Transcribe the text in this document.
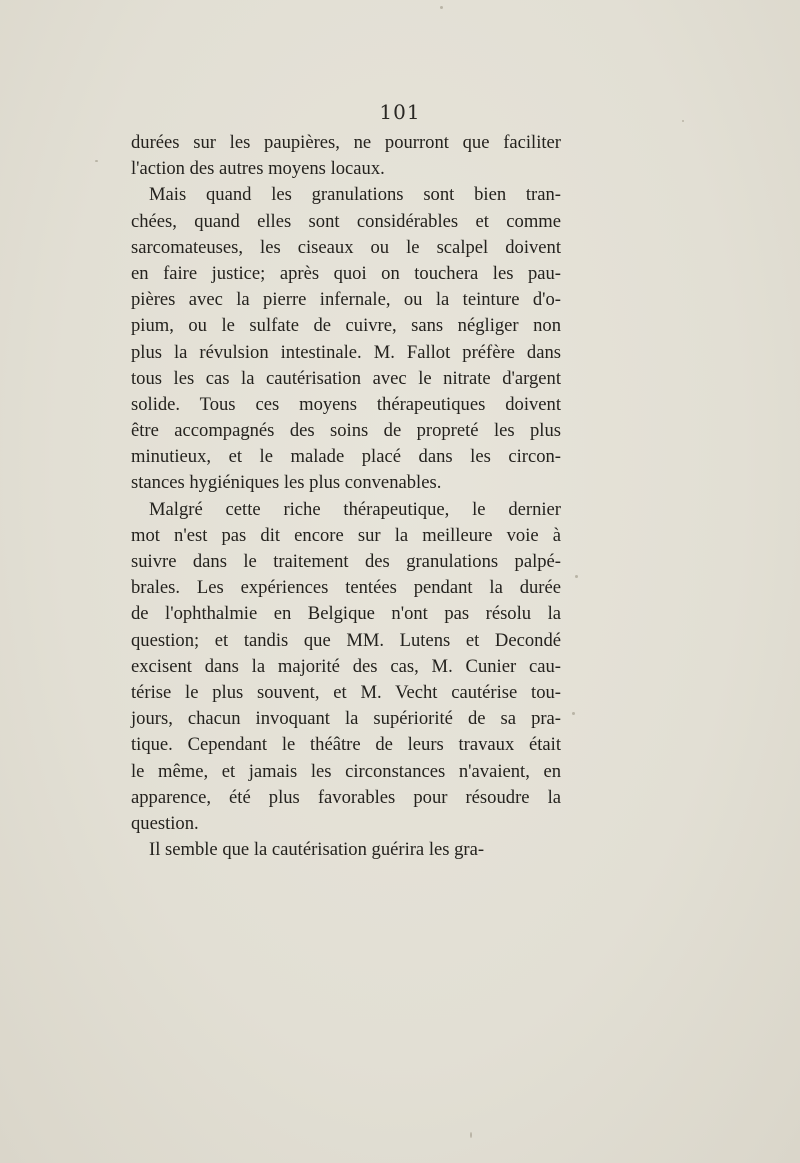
101
durées sur les paupières, ne pourront que faciliter
l'action des autres moyens locaux.
Mais quand les granulations sont bien tran-
chées, quand elles sont considérables et comme
sarcomateuses, les ciseaux ou le scalpel doivent
en faire justice; après quoi on touchera les pau-
pières avec la pierre infernale, ou la teinture d'o-
pium, ou le sulfate de cuivre, sans négliger non
plus la révulsion intestinale. M. Fallot préfère dans
tous les cas la cautérisation avec le nitrate d'argent
solide. Tous ces moyens thérapeutiques doivent
être accompagnés des soins de propreté les plus
minutieux, et le malade placé dans les circon-
stances hygiéniques les plus convenables.
Malgré cette riche thérapeutique, le dernier
mot n'est pas dit encore sur la meilleure voie à
suivre dans le traitement des granulations palpé-
brales. Les expériences tentées pendant la durée
de l'ophthalmie en Belgique n'ont pas résolu la
question; et tandis que MM. Lutens et Decondé
excisent dans la majorité des cas, M. Cunier cau-
térise le plus souvent, et M. Vecht cautérise tou-
jours, chacun invoquant la supériorité de sa pra-
tique. Cependant le théâtre de leurs travaux était
le même, et jamais les circonstances n'avaient, en
apparence, été plus favorables pour résoudre la
question.
Il semble que la cautérisation guérira les gra-
